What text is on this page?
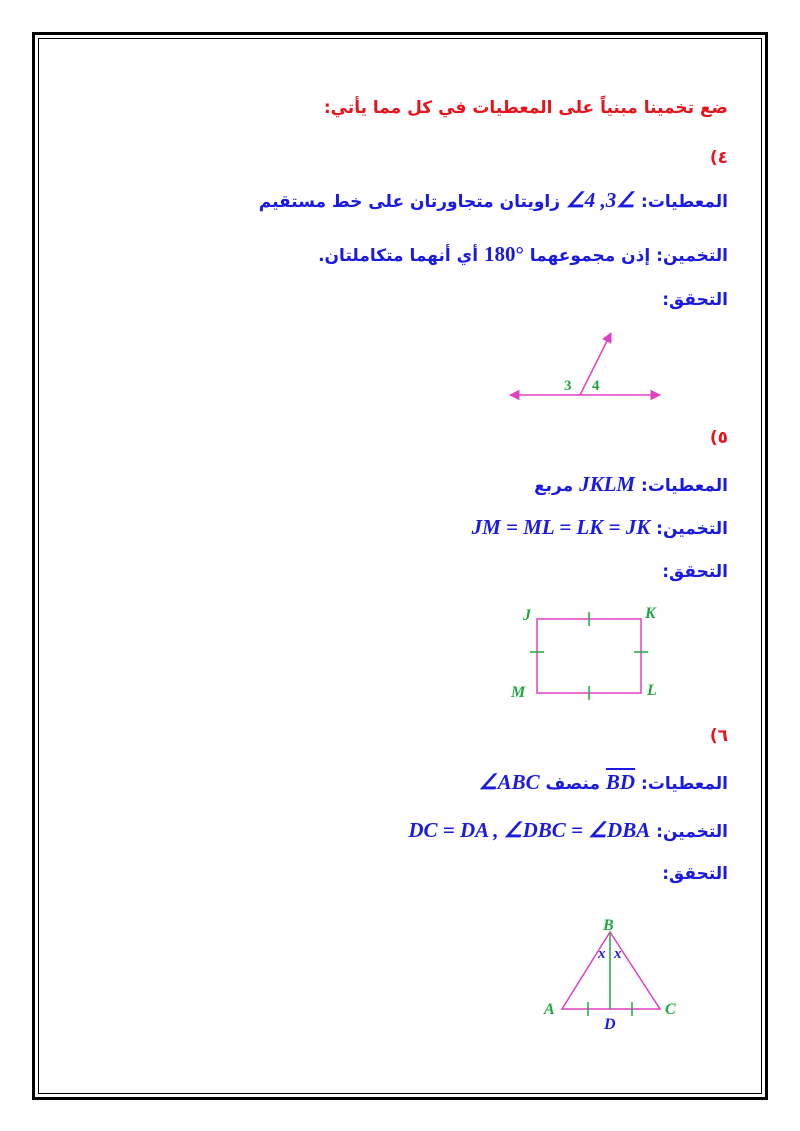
ضع تخمينا مبنياً على المعطيات في كل مما يأتي:
٤)
المعطيات: ∠4 ,3∠ زاويتان متجاورتان على خط مستقيم
التخمين: إذن مجموعهما 180° أي أنهما متكاملتان.
التحقق:
3 4
٥)
المعطيات: JKLM مربع
التخمين: JM = ML = LK = JK
التحقق:
J	K
L
M
٦)
المعطيات: $\overline{BD}$ منصف ∠ABC
التخمين: DC = DA , ∠DBC = ∠DBA
التحقق:
B
A	C
D
x x
